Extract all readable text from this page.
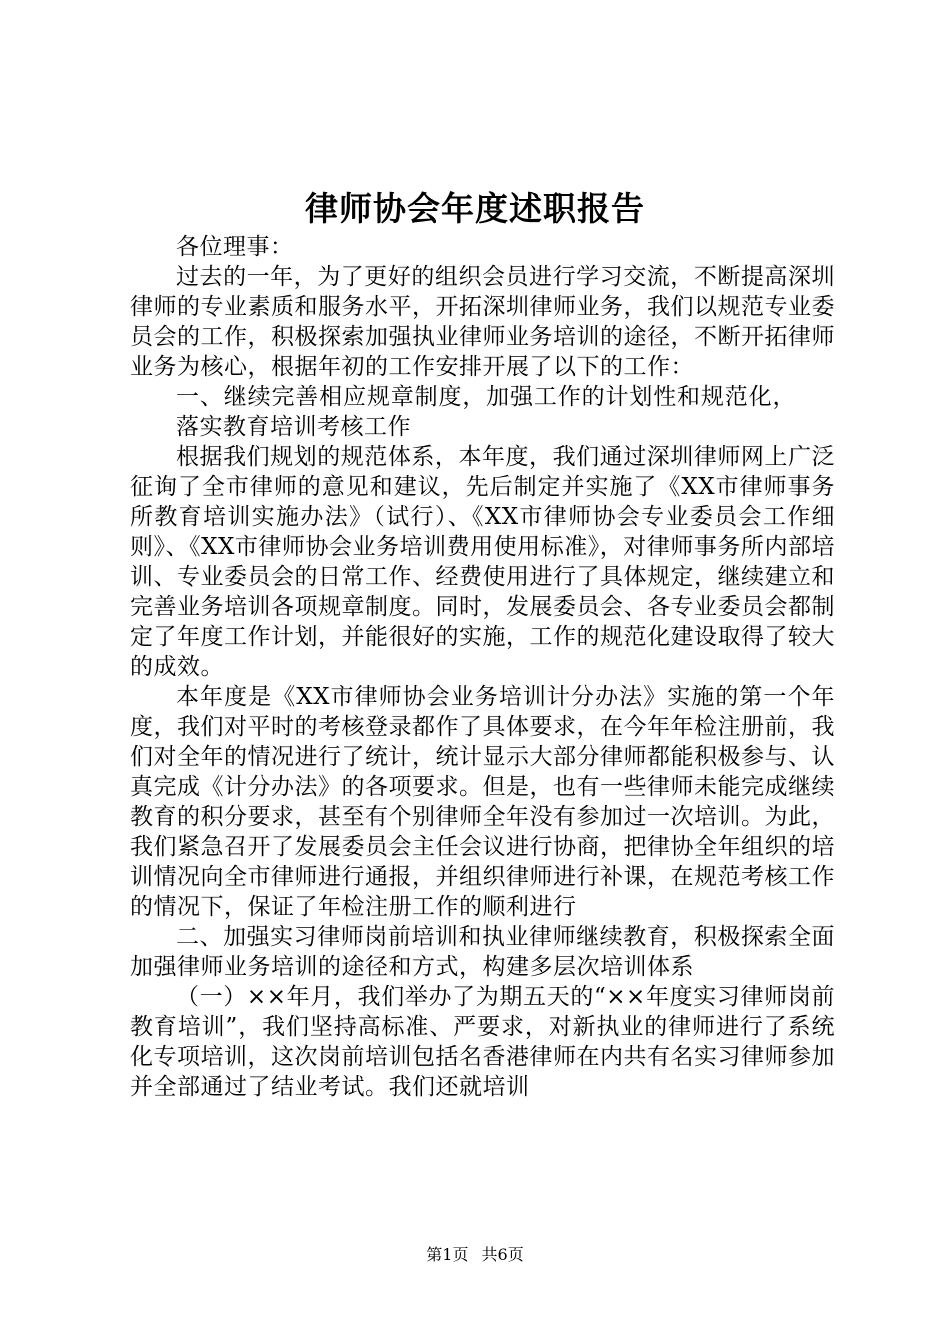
律师协会年度述职报告

各位理事：

过去的一年，为了更好的组织会员进行学习交流，不断提高深圳律师的专业素质和服务水平，开拓深圳律师业务，我们以规范专业委员会的工作，积极探索加强执业律师业务培训的途径，不断开拓律师业务为核心，根据年初的工作安排开展了以下的工作：

一、继续完善相应规章制度，加强工作的计划性和规范化，落实教育培训考核工作

根据我们规划的规范体系，本年度，我们通过深圳律师网上广泛征询了全市律师的意见和建议，先后制定并实施了《XX市律师事务所教育培训实施办法》（试行）、《XX市律师协会专业委员会工作细则》、《XX市律师协会业务培训费用使用标准》，对律师事务所内部培训、专业委员会的日常工作、经费使用进行了具体规定，继续建立和完善业务培训各项规章制度。同时，发展委员会、各专业委员会都制定了年度工作计划，并能很好的实施，工作的规范化建设取得了较大的成效。

本年度是《XX市律师协会业务培训计分办法》实施的第一个年度，我们对平时的考核登录都作了具体要求，在今年年检注册前，我们对全年的情况进行了统计，统计显示大部分律师都能积极参与、认真完成《计分办法》的各项要求。但是，也有一些律师未能完成继续教育的积分要求，甚至有个别律师全年没有参加过一次培训。为此，我们紧急召开了发展委员会主任会议进行协商，把律协全年组织的培训情况向全市律师进行通报，并组织律师进行补课，在规范考核工作的情况下，保证了年检注册工作的顺利进行

二、加强实习律师岗前培训和执业律师继续教育，积极探索全面加强律师业务培训的途径和方式，构建多层次培训体系

（一）××年月，我们举办了为期五天的“××年度实习律师岗前教育培训”，我们坚持高标准、严要求，对新执业的律师进行了系统化专项培训，这次岗前培训包括名香港律师在内共有名实习律师参加并全部通过了结业考试。我们还就培训

第1页 共6页
